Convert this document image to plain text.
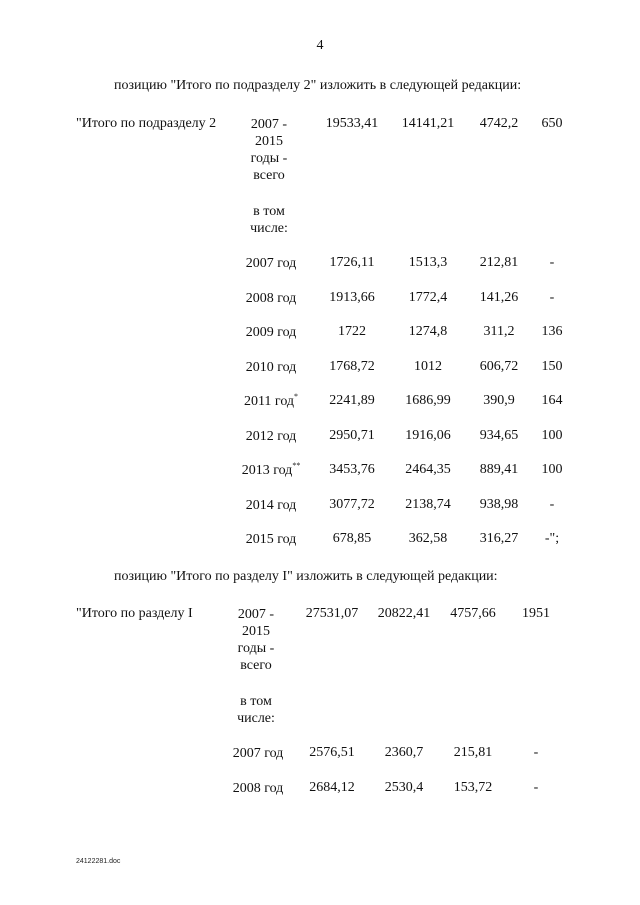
4
позицию "Итого по подразделу 2" изложить в следующей редакции:
"Итого по подразделу 2	2007 -
2015
годы -
всего
19533,41	14141,21	4742,2	650
в том
числе:
2007 год	1726,11	1513,3	212,81	-
2008 год	1913,66	1772,4	141,26	-
2009 год	1722	1274,8	311,2	136
2010 год	1768,72	1012	606,72	150
2011 год*	2241,89	1686,99	390,9	164
2012 год	2950,71	1916,06	934,65	100
2013 год**	3453,76	2464,35	889,41	100
2014 год	3077,72	2138,74	938,98	-
2015 год	678,85	362,58	316,27	-";
позицию "Итого по разделу I" изложить в следующей редакции:
"Итого по разделу I	2007 -
2015
годы -
всего
27531,07	20822,41	4757,66	1951
в том
числе:
2007 год	2576,51	2360,7	215,81	-
2008 год	2684,12	2530,4	153,72	-
24122281.doc
